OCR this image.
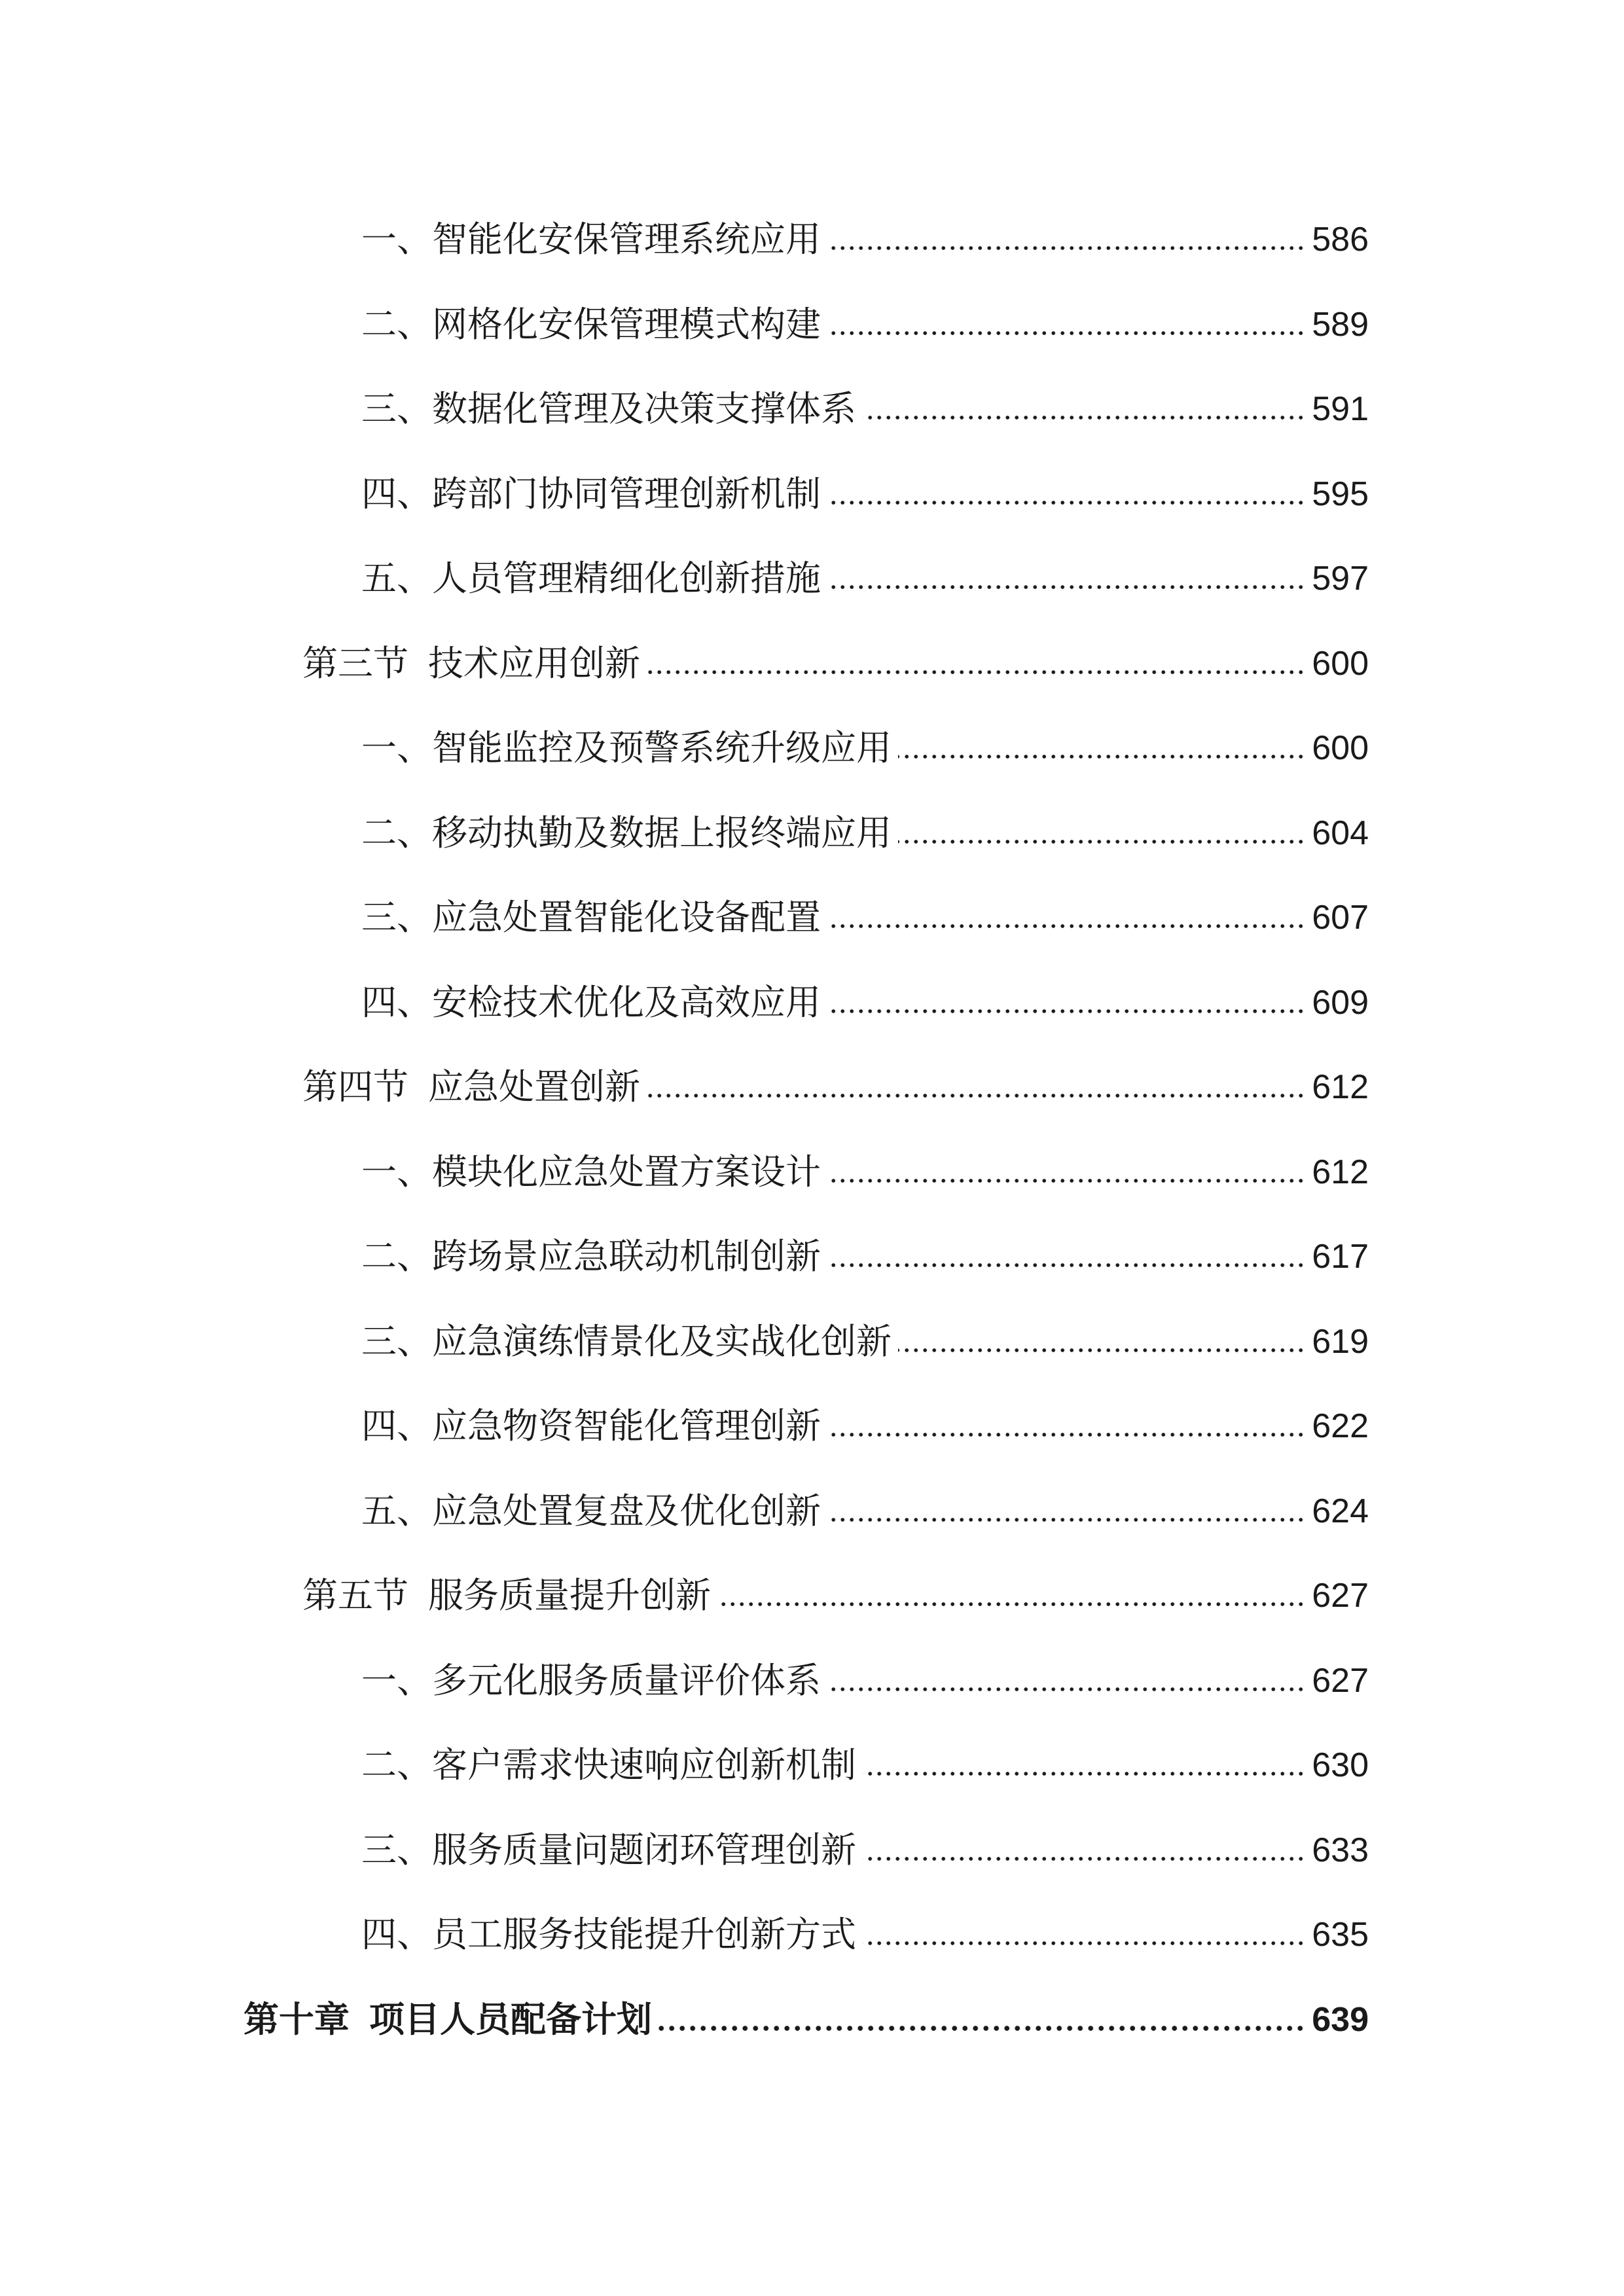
一、智能化安保管理系统应用	586
二、网格化安保管理模式构建	589
三、数据化管理及决策支撑体系	591
四、跨部门协同管理创新机制	595
五、人员管理精细化创新措施	597
第三节 技术应用创新	600
一、智能监控及预警系统升级应用	600
二、移动执勤及数据上报终端应用	604
三、应急处置智能化设备配置	607
四、安检技术优化及高效应用	609
第四节 应急处置创新	612
一、模块化应急处置方案设计	612
二、跨场景应急联动机制创新	617
三、应急演练情景化及实战化创新	619
四、应急物资智能化管理创新	622
五、应急处置复盘及优化创新	624
第五节 服务质量提升创新	627
一、多元化服务质量评价体系	627
二、客户需求快速响应创新机制	630
三、服务质量问题闭环管理创新	633
四、员工服务技能提升创新方式	635
第十章 项目人员配备计划	639
